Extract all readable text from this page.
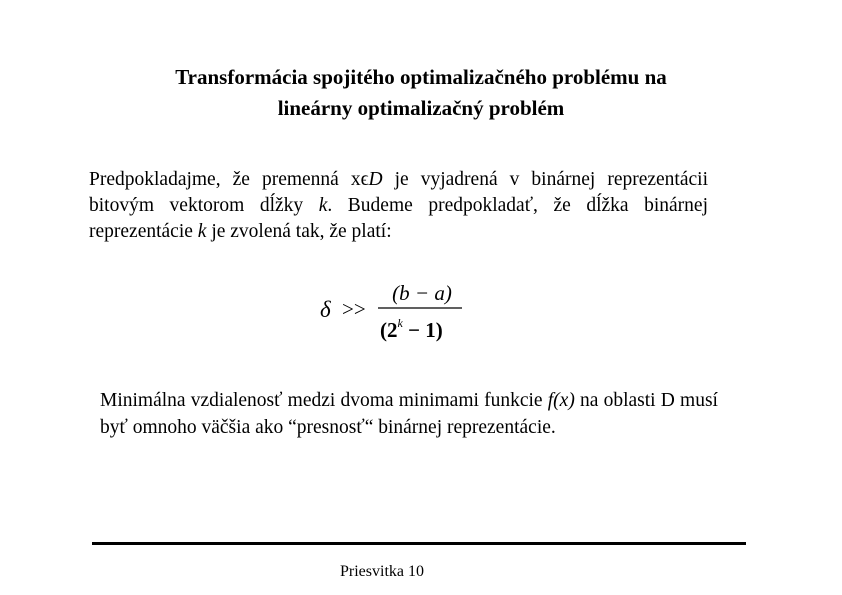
Transformácia spojitého optimalizačného problému na
lineárny optimalizačný problém
Predpokladajme, že premenná xϵD je vyjadrená v binárnej reprezentácii bitovým vektorom dĺžky k. Budeme predpokladať, že dĺžka binárnej reprezentácie k je zvolená tak, že platí:
δ >>
(b − a)
$(2^k - 1)$
Minimálna vzdialenosť medzi dvoma minimami funkcie f(x) na oblasti D musí byť omnoho väčšia ako “presnosť“ binárnej reprezentácie.
Priesvitka 10
